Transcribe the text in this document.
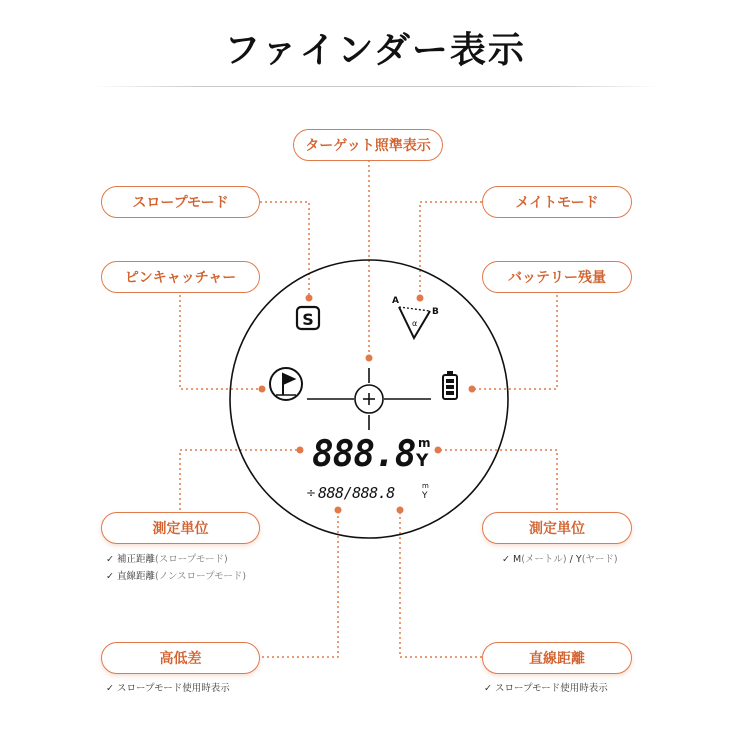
ファインダー表示
S
A
B
α
888.8 m
Y
÷ 888/888.8	m
Y
ターゲット照準表示
スロープモード	メイトモード
ピンキャッチャー	バッテリー残量
測定単位	測定単位
高低差	直線距離
✓ 補正距離(スロープモード)
✓ 直線距離(ノンスロープモード)
✓ M(メートル) / Y(ヤード)
✓ スロープモード使用時表示	✓ スロープモード使用時表示
